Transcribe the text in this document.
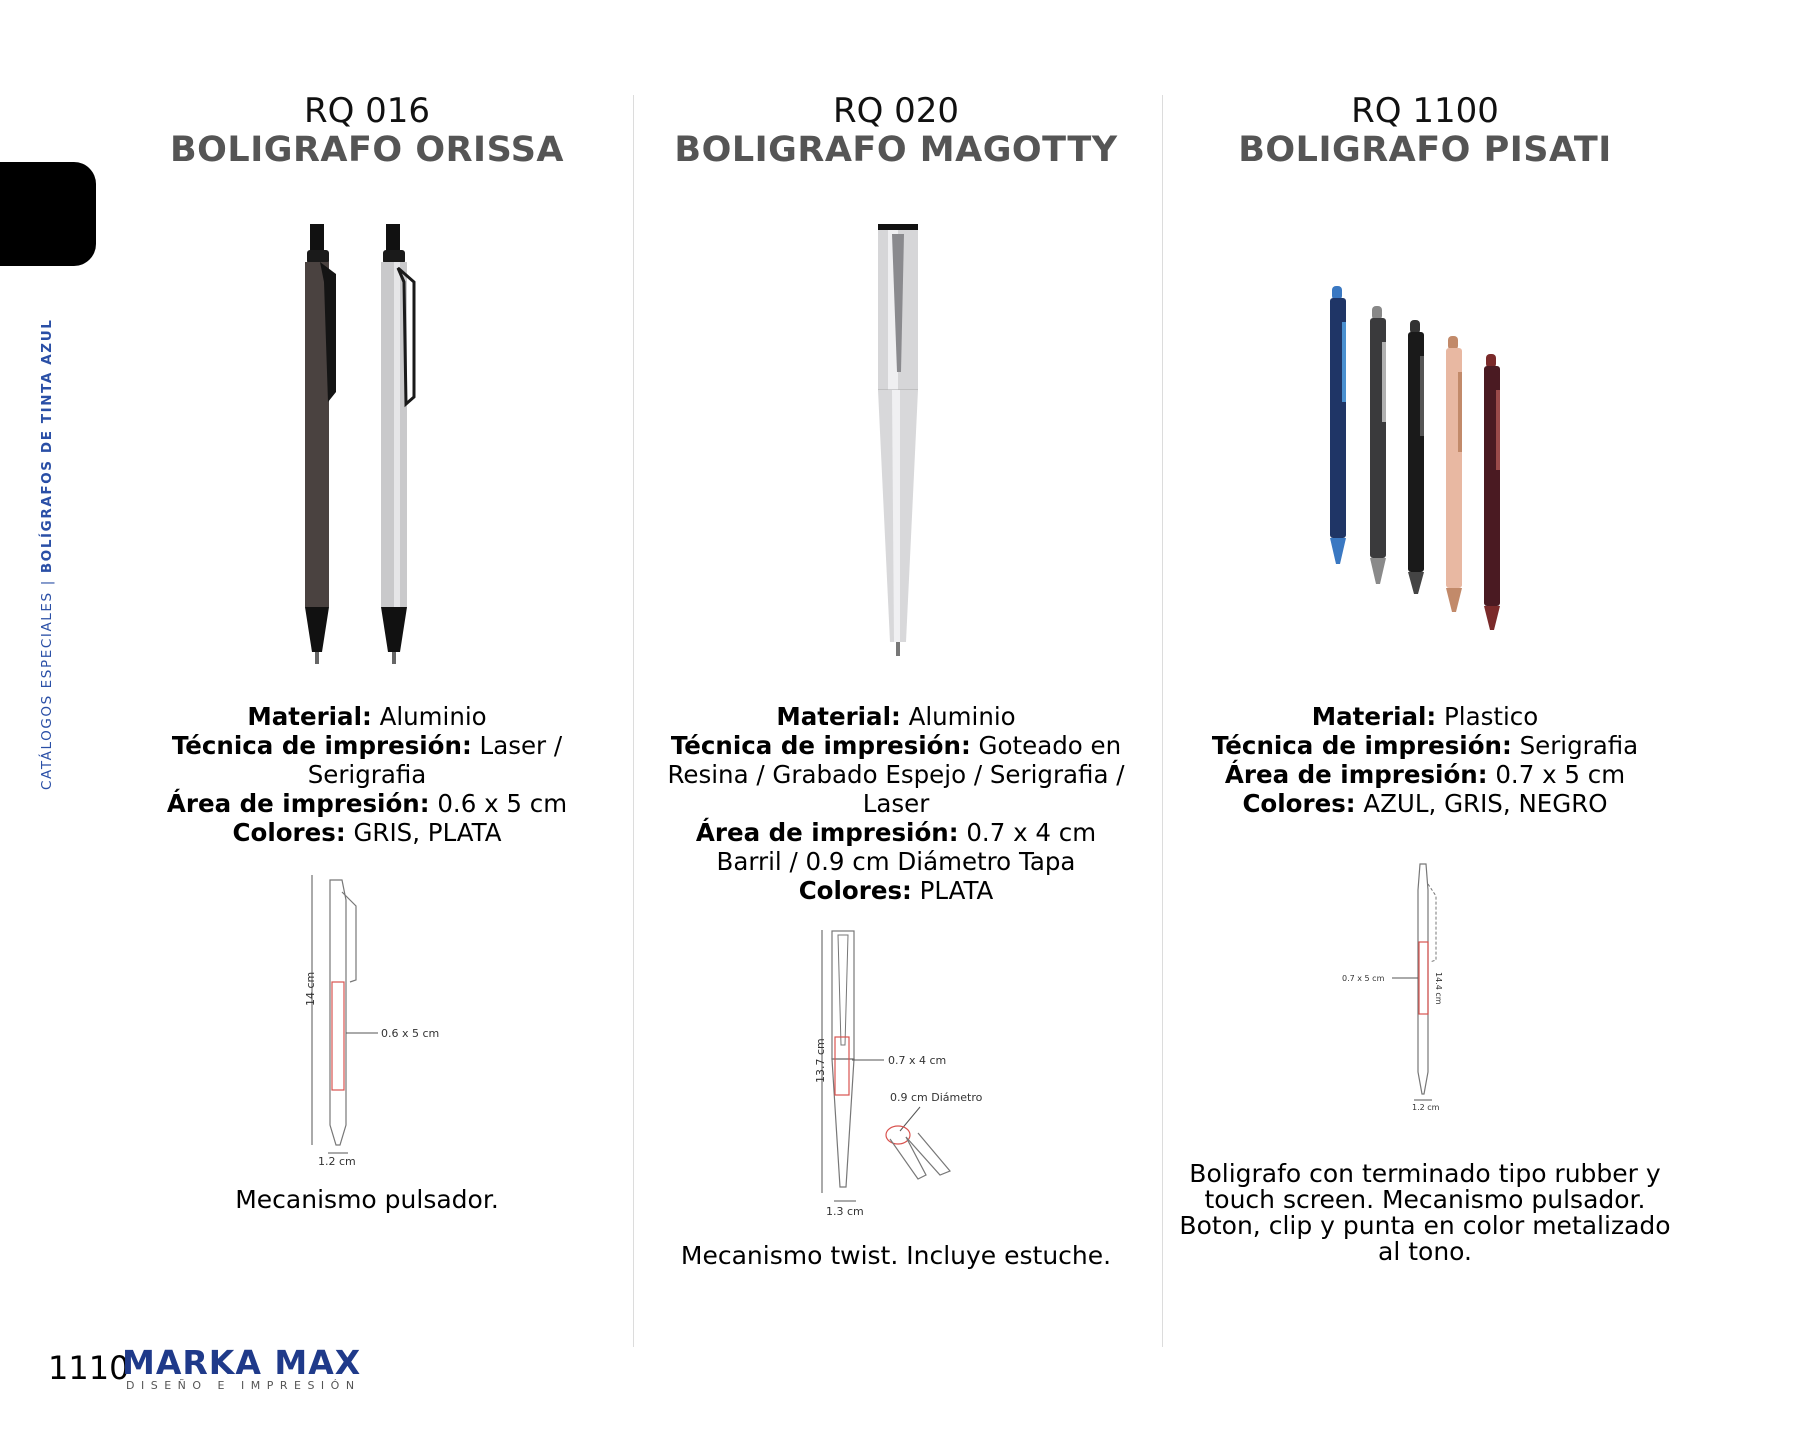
CATÁLOGOS ESPECIALES|BOLÍGRAFOS DE TINTA AZUL
RQ 016
BOLIGRAFO ORISSA
Material: Aluminio
Técnica de impresión: Laser / Serigrafia
Área de impresión: 0.6 x 5 cm
Colores: GRIS, PLATA
14 cm
0.6 x 5 cm
1.2 cm
Mecanismo pulsador.
RQ 020
BOLIGRAFO MAGOTTY
Material: Aluminio
Técnica de impresión: Goteado en Resina / Grabado Espejo / Serigrafia / Laser
Área de impresión: 0.7 x 4 cm
Barril / 0.9 cm Diámetro Tapa
Colores: PLATA
13.7 cm	0.7 x 4 cm
0.9 cm Diámetro
1.3 cm
Mecanismo twist. Incluye estuche.
RQ 1100
BOLIGRAFO PISATI
Material: Plastico
Técnica de impresión: Serigrafia
Área de impresión: 0.7 x 5 cm
Colores: AZUL, GRIS, NEGRO
0.7 x 5 cm	14.4 cm
1.2 cm
Boligrafo con terminado tipo rubber y touch screen. Mecanismo pulsador. Boton, clip y punta en color metalizado al tono.
1110
MARKA MAX
DISEÑO E IMPRESIÓN
